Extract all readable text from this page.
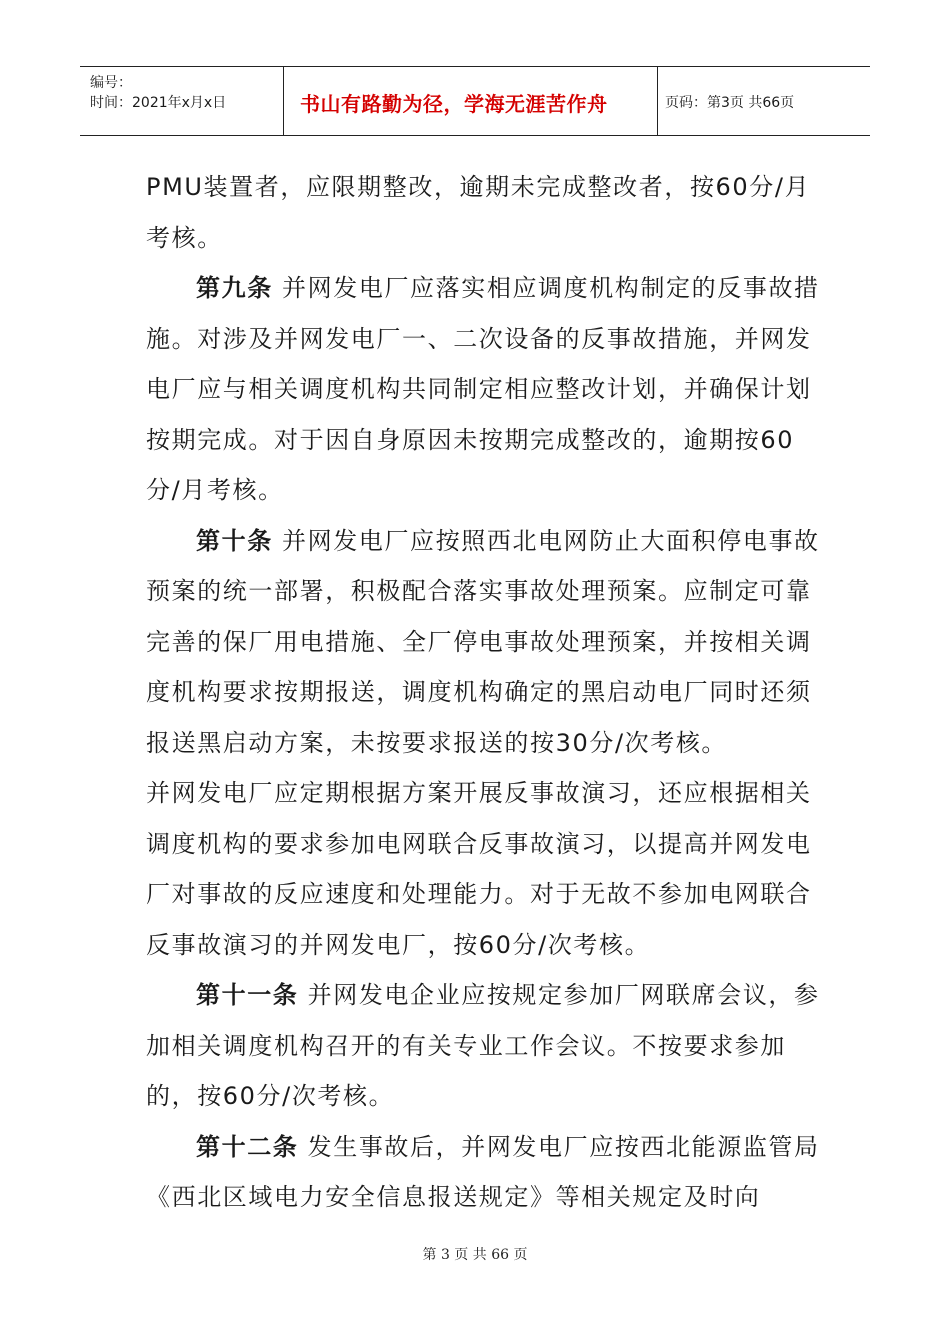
编号：
时间：2021年x月x日	书山有路勤为径，学海无涯苦作舟	页码：第3页 共66页

PMU装置者，应限期整改，逾期未完成整改者，按60分/月考核。

第九条 并网发电厂应落实相应调度机构制定的反事故措施。对涉及并网发电厂一、二次设备的反事故措施，并网发电厂应与相关调度机构共同制定相应整改计划，并确保计划按期完成。对于因自身原因未按期完成整改的，逾期按60分/月考核。

第十条 并网发电厂应按照西北电网防止大面积停电事故预案的统一部署，积极配合落实事故处理预案。应制定可靠完善的保厂用电措施、全厂停电事故处理预案，并按相关调度机构要求按期报送，调度机构确定的黑启动电厂同时还须报送黑启动方案，未按要求报送的按30分/次考核。

并网发电厂应定期根据方案开展反事故演习，还应根据相关调度机构的要求参加电网联合反事故演习，以提高并网发电厂对事故的反应速度和处理能力。对于无故不参加电网联合反事故演习的并网发电厂，按60分/次考核。

第十一条 并网发电企业应按规定参加厂网联席会议，参加相关调度机构召开的有关专业工作会议。不按要求参加的，按60分/次考核。

第十二条 发生事故后，并网发电厂应按西北能源监管局《西北区域电力安全信息报送规定》等相关规定及时向

第 3 页 共 66 页
